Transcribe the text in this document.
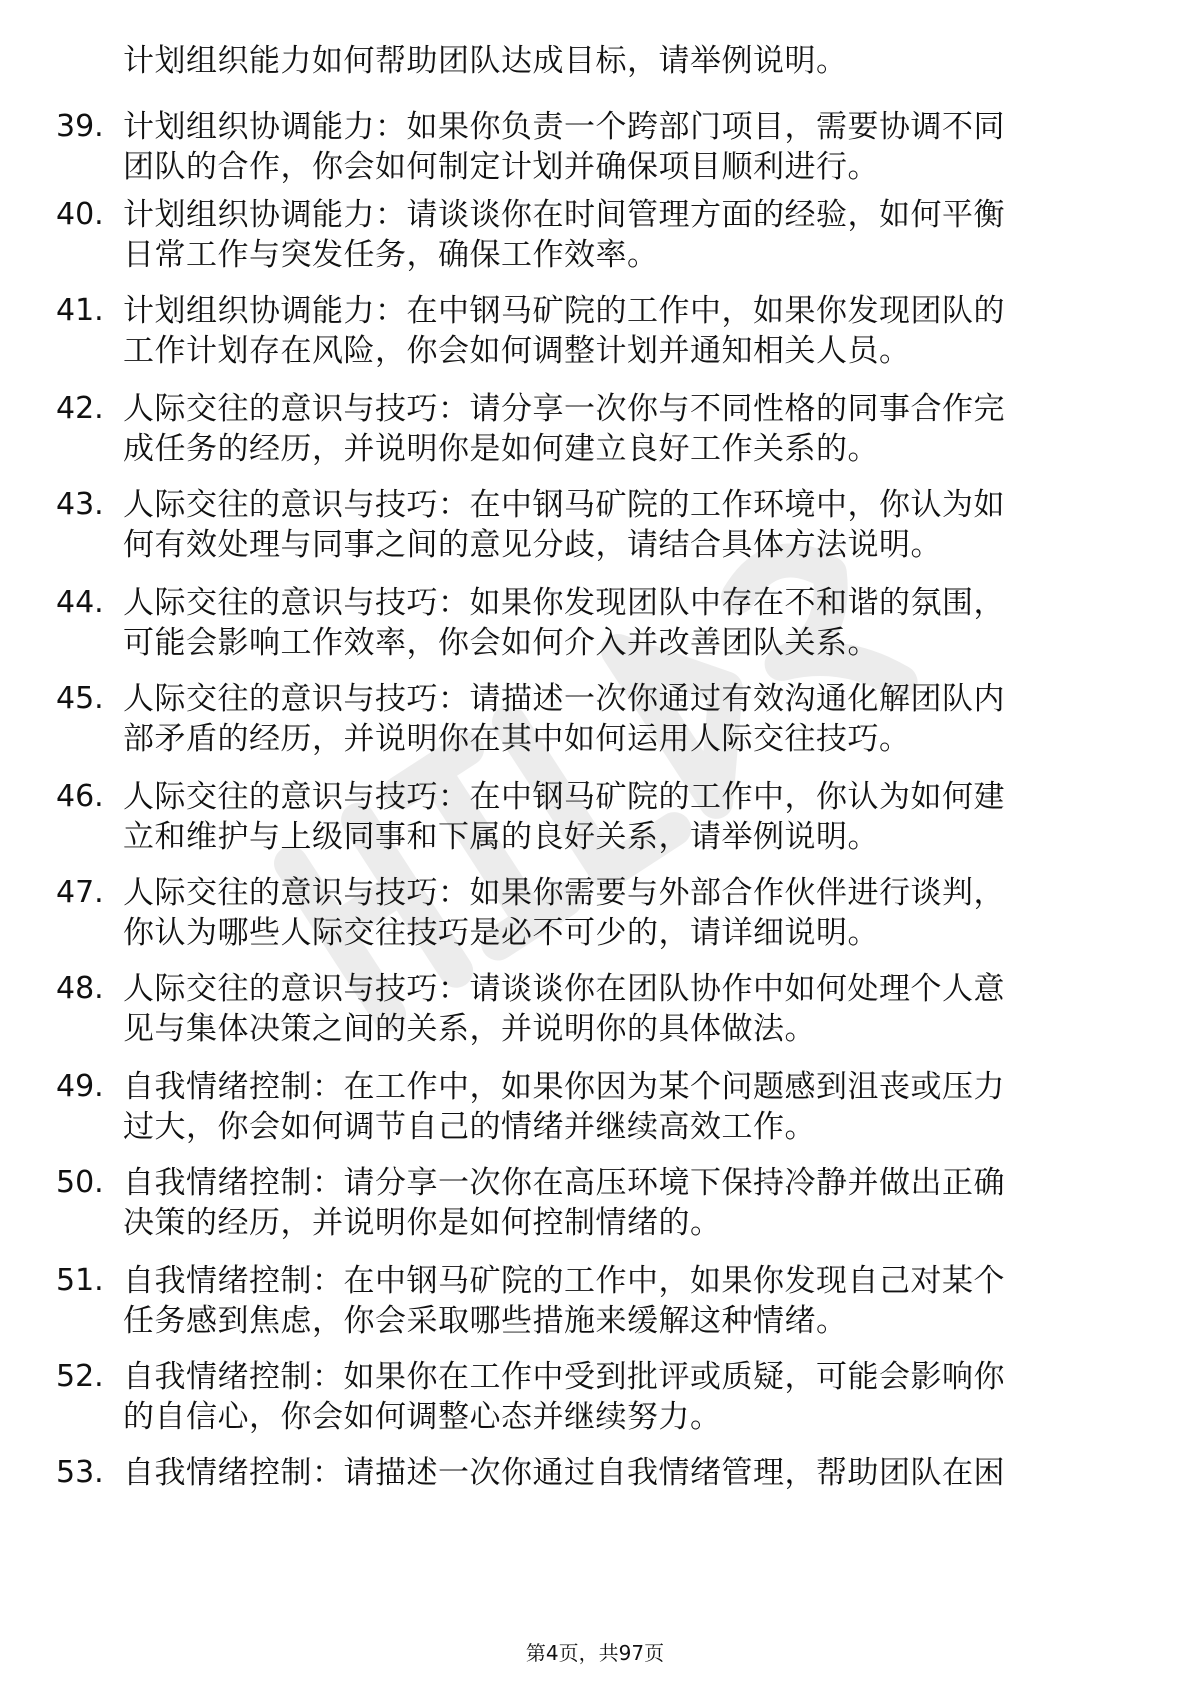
计划组织能力如何帮助团队达成目标，请举例说明。
39. 计划组织协调能力：如果你负责一个跨部门项目，需要协调不同
团队的合作，你会如何制定计划并确保项目顺利进行。
40. 计划组织协调能力：请谈谈你在时间管理方面的经验，如何平衡
日常工作与突发任务，确保工作效率。
41. 计划组织协调能力：在中钢马矿院的工作中，如果你发现团队的
工作计划存在风险，你会如何调整计划并通知相关人员。
42. 人际交往的意识与技巧：请分享一次你与不同性格的同事合作完
成任务的经历，并说明你是如何建立良好工作关系的。
43. 人际交往的意识与技巧：在中钢马矿院的工作环境中，你认为如
何有效处理与同事之间的意见分歧，请结合具体方法说明。
44. 人际交往的意识与技巧：如果你发现团队中存在不和谐的氛围，
可能会影响工作效率，你会如何介入并改善团队关系。
45. 人际交往的意识与技巧：请描述一次你通过有效沟通化解团队内
部矛盾的经历，并说明你在其中如何运用人际交往技巧。
46. 人际交往的意识与技巧：在中钢马矿院的工作中，你认为如何建
立和维护与上级同事和下属的良好关系，请举例说明。
47. 人际交往的意识与技巧：如果你需要与外部合作伙伴进行谈判，
你认为哪些人际交往技巧是必不可少的，请详细说明。
48. 人际交往的意识与技巧：请谈谈你在团队协作中如何处理个人意
见与集体决策之间的关系，并说明你的具体做法。
49. 自我情绪控制：在工作中，如果你因为某个问题感到沮丧或压力
过大，你会如何调节自己的情绪并继续高效工作。
50. 自我情绪控制：请分享一次你在高压环境下保持冷静并做出正确
决策的经历，并说明你是如何控制情绪的。
51. 自我情绪控制：在中钢马矿院的工作中，如果你发现自己对某个
任务感到焦虑，你会采取哪些措施来缓解这种情绪。
52. 自我情绪控制：如果你在工作中受到批评或质疑，可能会影响你
的自信心，你会如何调整心态并继续努力。
53. 自我情绪控制：请描述一次你通过自我情绪管理，帮助团队在困
第4页，共97页
